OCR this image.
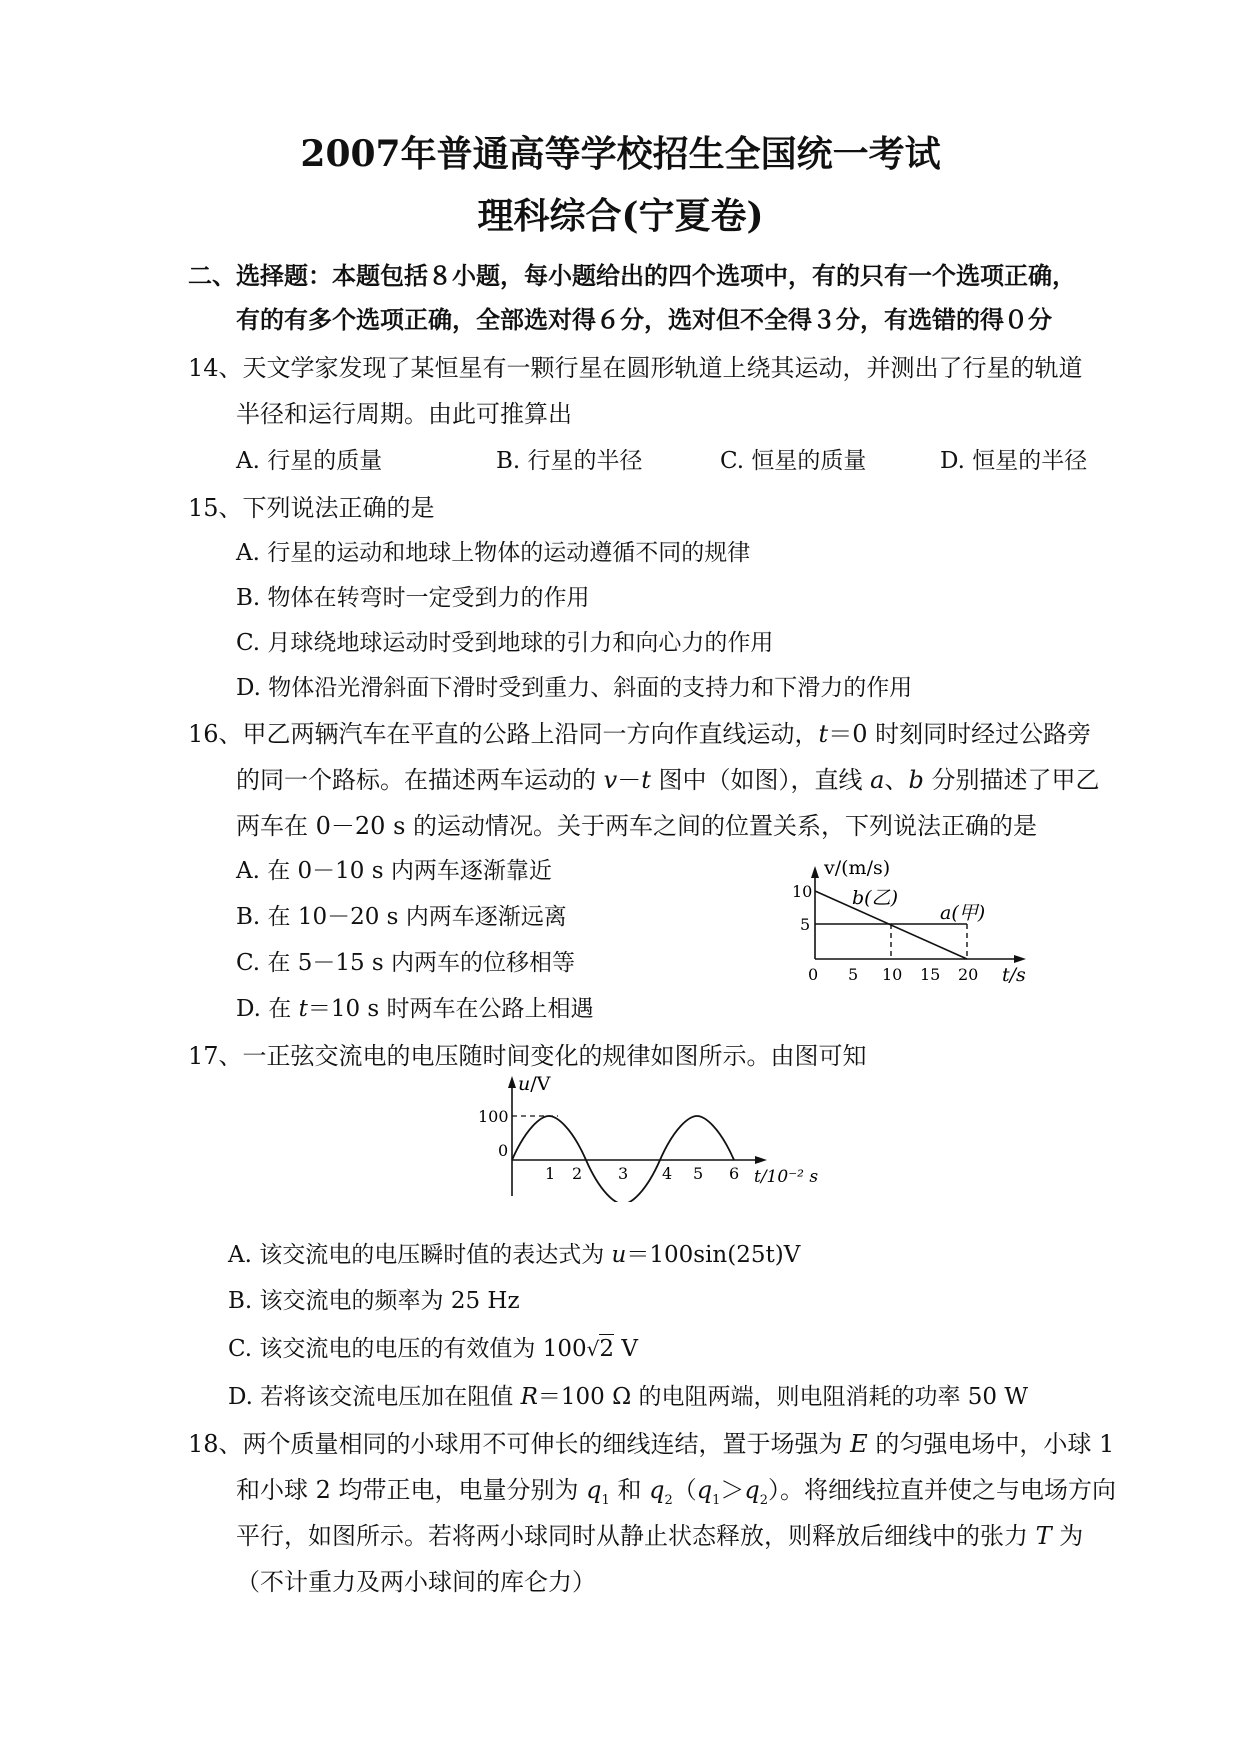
2007年普通高等学校招生全国统一考试
理科综合(宁夏卷)
二、选择题：本题包括８小题，每小题给出的四个选项中，有的只有一个选项正确，
有的有多个选项正确，全部选对得６分，选对但不全得３分，有选错的得０分
14、天文学家发现了某恒星有一颗行星在圆形轨道上绕其运动，并测出了行星的轨道
半径和运行周期。由此可推算出
A. 行星的质量	B. 行星的半径	C. 恒星的质量	D. 恒星的半径
15、下列说法正确的是
A. 行星的运动和地球上物体的运动遵循不同的规律
B. 物体在转弯时一定受到力的作用
C. 月球绕地球运动时受到地球的引力和向心力的作用
D. 物体沿光滑斜面下滑时受到重力、斜面的支持力和下滑力的作用
16、甲乙两辆汽车在平直的公路上沿同一方向作直线运动，t＝0 时刻同时经过公路旁
的同一个路标。在描述两车运动的 v－t 图中（如图），直线 a、b 分别描述了甲乙
两车在 0－20 s 的运动情况。关于两车之间的位置关系，下列说法正确的是
A. 在 0－10 s 内两车逐渐靠近
B. 在 10－20 s 内两车逐渐远离
C. 在 5－15 s 内两车的位移相等
D. 在 t＝10 s 时两车在公路上相遇
v/(m/s)
10
5
b(乙)
a(甲)
0 5 10 15 20 t/s
17、一正弦交流电的电压随时间变化的规律如图所示。由图可知
u/V
100
0
1 2 3 4 5 6 t/10⁻² s
A. 该交流电的电压瞬时值的表达式为 u＝100sin(25t)V
B. 该交流电的频率为 25 Hz
C. 该交流电的电压的有效值为 100√2 V
D. 若将该交流电压加在阻值 R＝100 Ω 的电阻两端，则电阻消耗的功率 50 W
18、两个质量相同的小球用不可伸长的细线连结，置于场强为 E 的匀强电场中，小球 1
和小球 2 均带正电，电量分别为 $q_1$ 和 $q_2(q_1>q_2)$。将细线拉直并使之与电场方向
平行，如图所示。若将两小球同时从静止状态释放，则释放后细线中的张力 T 为
（不计重力及两小球间的库仑力）
